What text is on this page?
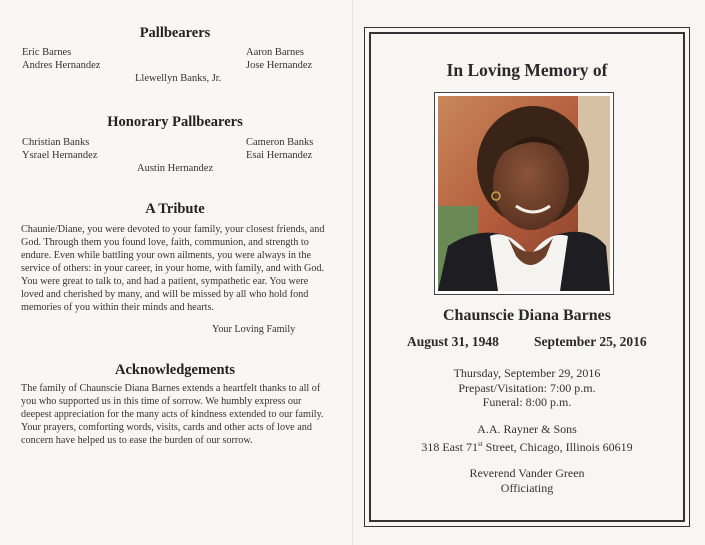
Pallbearers
Eric Barnes
Andres Hernandez
Llewellyn Banks, Jr.
Aaron Barnes
Jose Hernandez
Honorary Pallbearers
Christian Banks
Ysrael Hernandez
Austin Hernandez
Cameron Banks
Esai Hernandez
A Tribute
Chaunie/Diane, you were devoted to your family, your closest friends, and
God. Through them you found love, faith, communion, and strength to
endure. Even while battling your own ailments, you were always in the
service of others: in your career, in your home, with family, and with God.
You were great to talk to, and had a patient, sympathetic ear. You were
loved and cherished by many, and will be missed by all who hold fond
memories of you within their minds and hearts.
Your Loving Family
Acknowledgements
The family of Chaunscie Diana Barnes extends a heartfelt thanks to all of
you who supported us in this time of sorrow. We humbly express our
deepest appreciation for the many acts of kindness extended to our family.
Your prayers, comforting words, visits, cards and other acts of love and
concern have helped us to ease the burden of our sorrow.
In Loving Memory of
Chaunscie Diana Barnes
August 31, 1948	September 25, 2016
Thursday, September 29, 2016
Prepast/Visitation: 7:00 p.m.
Funeral: 8:00 p.m.
A.A. Rayner & Sons
318 East 71st Street, Chicago, Illinois 60619
Reverend Vander Green
Officiating
